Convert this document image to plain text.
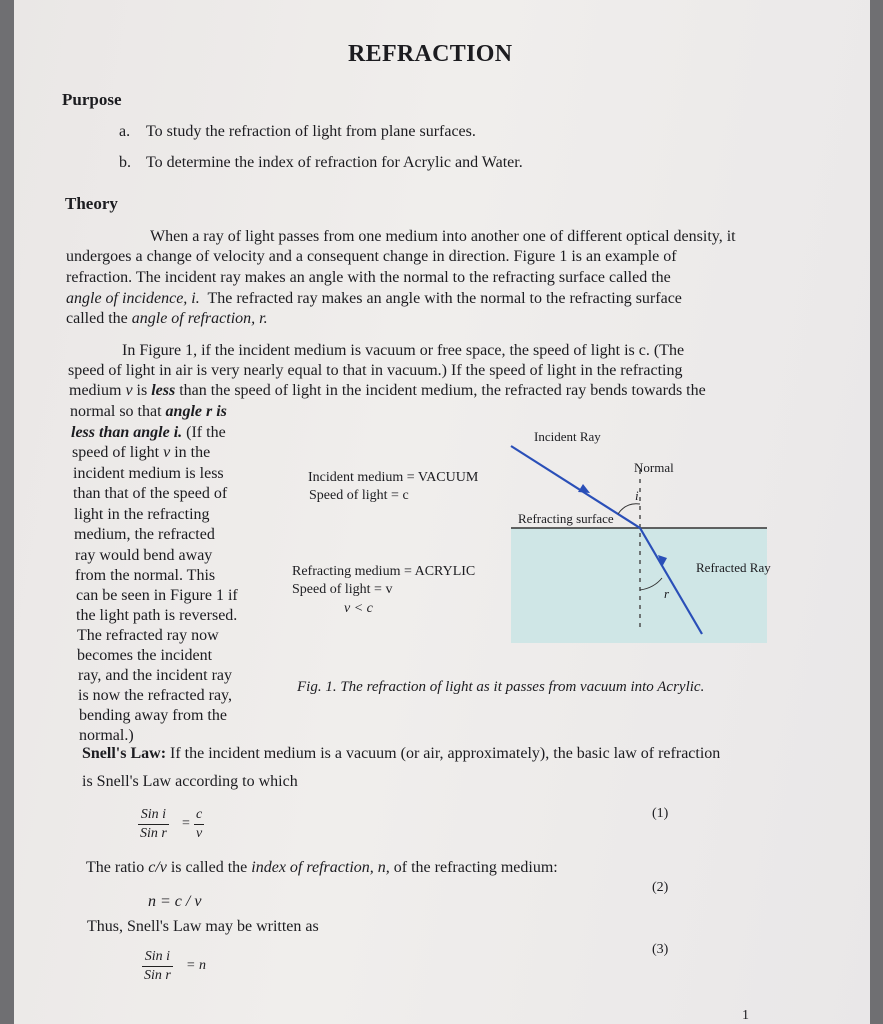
REFRACTION
Purpose
a. To study the refraction of light from plane surfaces.
b. To determine the index of refraction for Acrylic and Water.
Theory
When a ray of light passes from one medium into another one of different optical density, it
undergoes a change of velocity and a consequent change in direction. Figure 1 is an example of
refraction. The incident ray makes an angle with the normal to the refracting surface called the
angle of incidence, i. The refracted ray makes an angle with the normal to the refracting surface
called the angle of refraction, r.
In Figure 1, if the incident medium is vacuum or free space, the speed of light is c. (The
speed of light in air is very nearly equal to that in vacuum.) If the speed of light in the refracting
medium v is less than the speed of light in the incident medium, the refracted ray bends towards the
normal so that angle r is
less than angle i. (If the
speed of light v in the
incident medium is less
than that of the speed of
light in the refracting
medium, the refracted
ray would bend away
from the normal. This
can be seen in Figure 1 if
the light path is reversed.
The refracted ray now
becomes the incident
ray, and the incident ray
is now the refracted ray,
bending away from the
normal.)
Incident Ray
Normal
Refracting surface
i
Refracted Ray
r
Incident medium = VACUUM
Speed of light = c
Refracting medium = ACRYLIC
Speed of light = v
v < c
Fig. 1. The refraction of light as it passes from vacuum into Acrylic.
Snell's Law: If the incident medium is a vacuum (or air, approximately), the basic law of refraction
is Snell's Law according to which
Sin i
Sin r
= $\frac{c}{v}$	(1)
The ratio c/v is called the index of refraction, n, of the refracting medium:
n = c / v
(2)
Thus, Snell's Law may be written as
Sin i
Sin r
= n
(3)
1
